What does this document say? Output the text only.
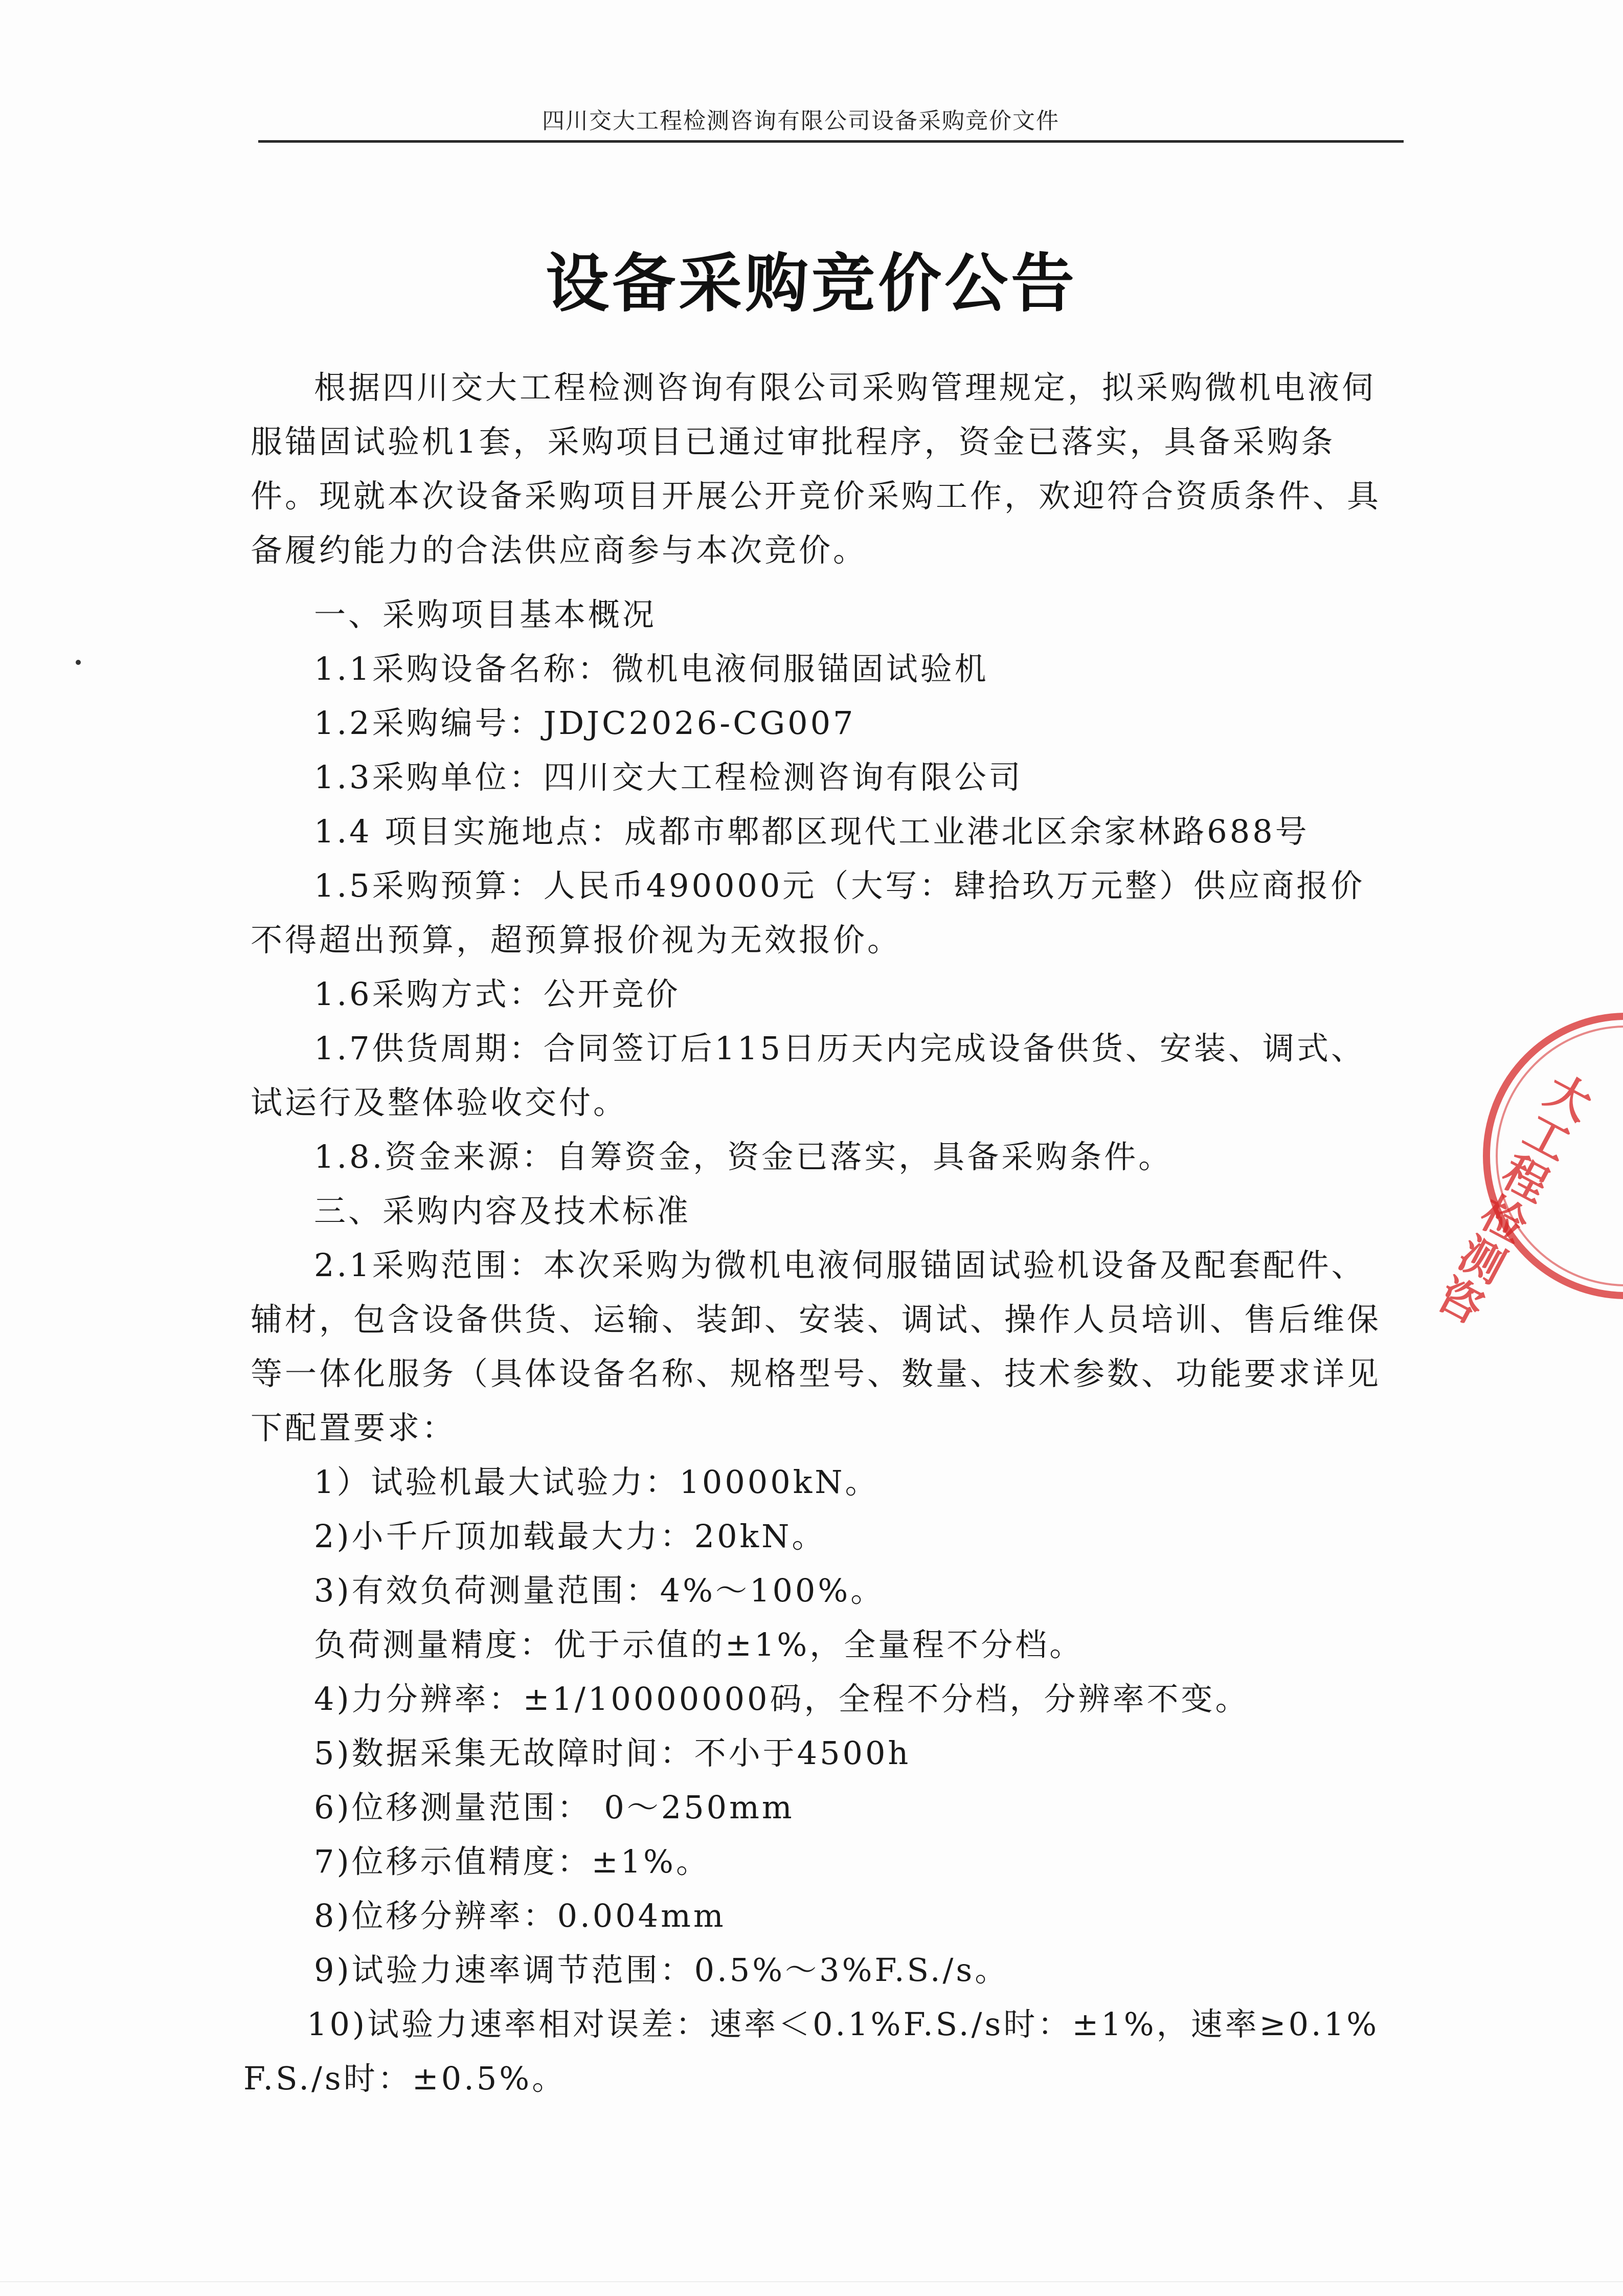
四川交大工程检测咨询有限公司设备采购竞价文件
设备采购竞价公告

根据四川交大工程检测咨询有限公司采购管理规定，拟采购微机电液伺服锚固试验机1套，采购项目已通过审批程序，资金已落实，具备采购条件。现就本次设备采购项目开展公开竞价采购工作，欢迎符合资质条件、具备履约能力的合法供应商参与本次竞价。

一、采购项目基本概况

1.1采购设备名称：微机电液伺服锚固试验机

1.2采购编号：JDJC2026-CG007

1.3采购单位：四川交大工程检测咨询有限公司

1.4 项目实施地点：成都市郫都区现代工业港北区余家林路688号

1.5采购预算：人民币490000元（大写：肆拾玖万元整）供应商报价不得超出预算，超预算报价视为无效报价。

1.6采购方式：公开竞价

1.7供货周期：合同签订后115日历天内完成设备供货、安装、调式、试运行及整体验收交付。

1.8.资金来源：自筹资金，资金已落实，具备采购条件。

三、采购内容及技术标准

2.1采购范围：本次采购为微机电液伺服锚固试验机设备及配套配件、辅材，包含设备供货、运输、装卸、安装、调试、操作人员培训、售后维保等一体化服务（具体设备名称、规格型号、数量、技术参数、功能要求详见下配置要求：

1）试验机最大试验力：10000kN。

2)小千斤顶加载最大力：20kN。

3)有效负荷测量范围：4%～100%。

负荷测量精度：优于示值的±1%，全量程不分档。

4)力分辨率：±1/10000000码，全程不分档，分辨率不变。

5)数据采集无故障时间：不小于4500h

6)位移测量范围： 0～250mm

7)位移示值精度：±1%。

8)位移分辨率：0.004mm

9)试验力速率调节范围：0.5%～3%F.S./s。

10)试验力速率相对误差：速率＜0.1%F.S./s时：±1%，速率≥0.1%F.S./s时：±0.5%。

大工程检测咨
